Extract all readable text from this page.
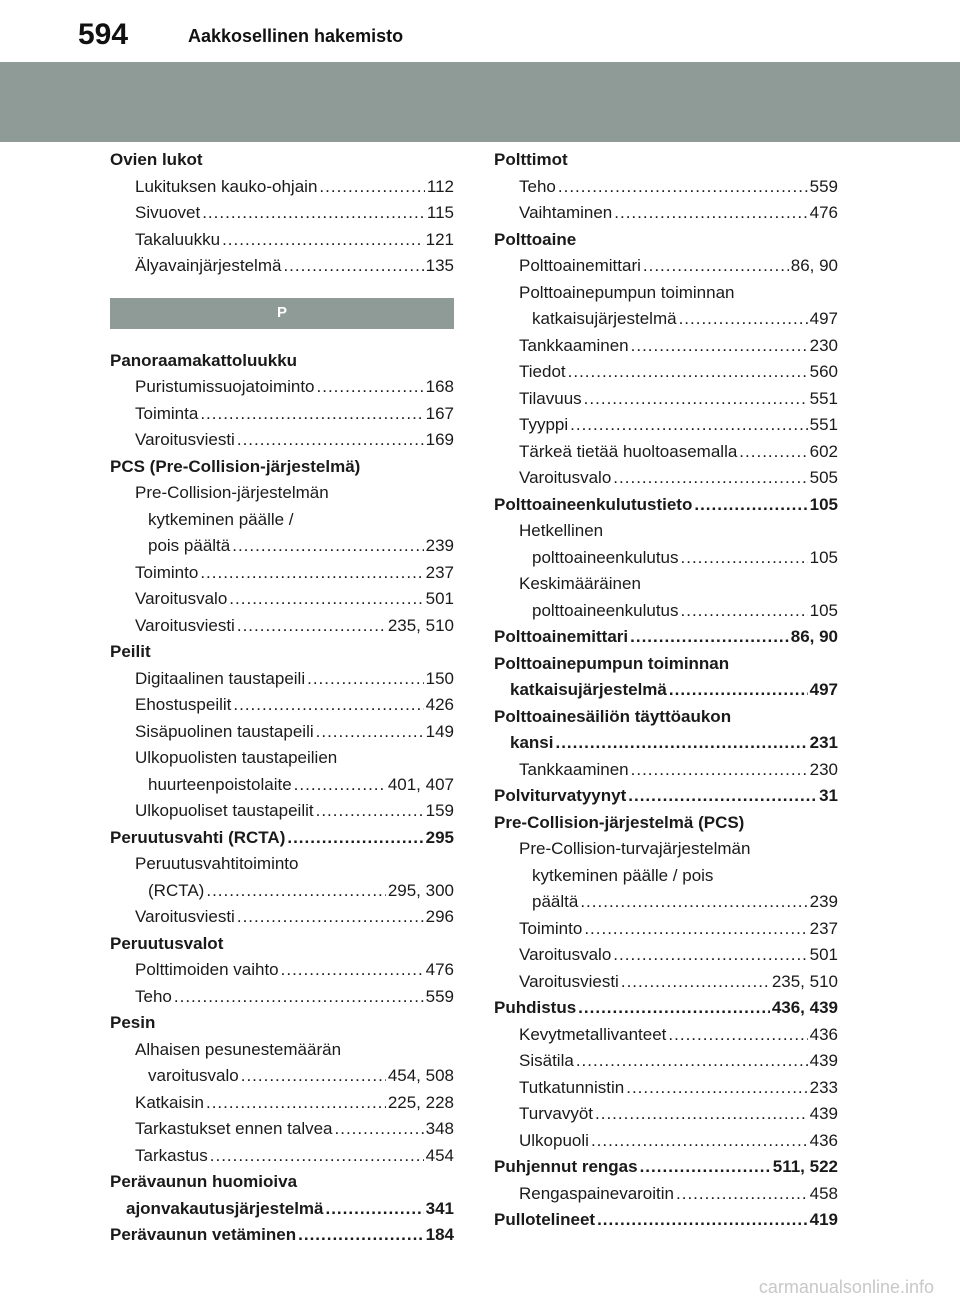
594	Aakkosellinen hakemisto
Ovien lukot
Lukituksen kauko-ohjain .....	112
Sivuovet .....	115
Takaluukku .....	121
Älyavainjärjestelmä .....	135
P
Panoraamakattoluukku
Puristumissuojatoiminto .....	168
Toiminta .....	167
Varoitusviesti .....	169
PCS (Pre-Collision-järjestelmä)
Pre-Collision-järjestelmän
kytkeminen päälle /
pois päältä .....	239
Toiminto .....	237
Varoitusvalo .....	501
Varoitusviesti .....	235, 510
Peilit
Digitaalinen taustapeili .....	150
Ehostuspeilit .....	426
Sisäpuolinen taustapeili .....	149
Ulkopuolisten taustapeilien
huurteenpoistolaite .....	401, 407
Ulkopuoliset taustapeilit .....	159
Peruutusvahti (RCTA) .....	295
Peruutusvahtitoiminto
(RCTA) .....	295, 300
Varoitusviesti .....	296
Peruutusvalot
Polttimoiden vaihto .....	476
Teho .....	559
Pesin
Alhaisen pesunestemäärän
varoitusvalo .....	454, 508
Katkaisin .....	225, 228
Tarkastukset ennen talvea .....	348
Tarkastus .....	454
Perävaunun huomioiva
ajonvakautusjärjestelmä .....	341
Perävaunun vetäminen .....	184
Polttimot
Teho .....	559
Vaihtaminen .....	476
Polttoaine
Polttoainemittari .....	86, 90
Polttoainepumpun toiminnan
katkaisujärjestelmä .....	497
Tankkaaminen .....	230
Tiedot .....	560
Tilavuus .....	551
Tyyppi .....	551
Tärkeä tietää huoltoasemalla .....	602
Varoitusvalo .....	505
Polttoaineenkulutustieto .....	105
Hetkellinen
polttoaineenkulutus .....	105
Keskimääräinen
polttoaineenkulutus .....	105
Polttoainemittari .....	86, 90
Polttoainepumpun toiminnan
katkaisujärjestelmä .....	497
Polttoainesäiliön täyttöaukon
kansi .....	231
Tankkaaminen .....	230
Polviturvatyynyt .....	31
Pre-Collision-järjestelmä (PCS)
Pre-Collision-turvajärjestelmän
kytkeminen päälle / pois
päältä .....	239
Toiminto .....	237
Varoitusvalo .....	501
Varoitusviesti .....	235, 510
Puhdistus .....	436, 439
Kevytmetallivanteet .....	436
Sisätila .....	439
Tutkatunnistin .....	233
Turvavyöt .....	439
Ulkopuoli .....	436
Puhjennut rengas .....	511, 522
Rengaspainevaroitin .....	458
Pullotelineet .....	419
carmanualsonline.info
